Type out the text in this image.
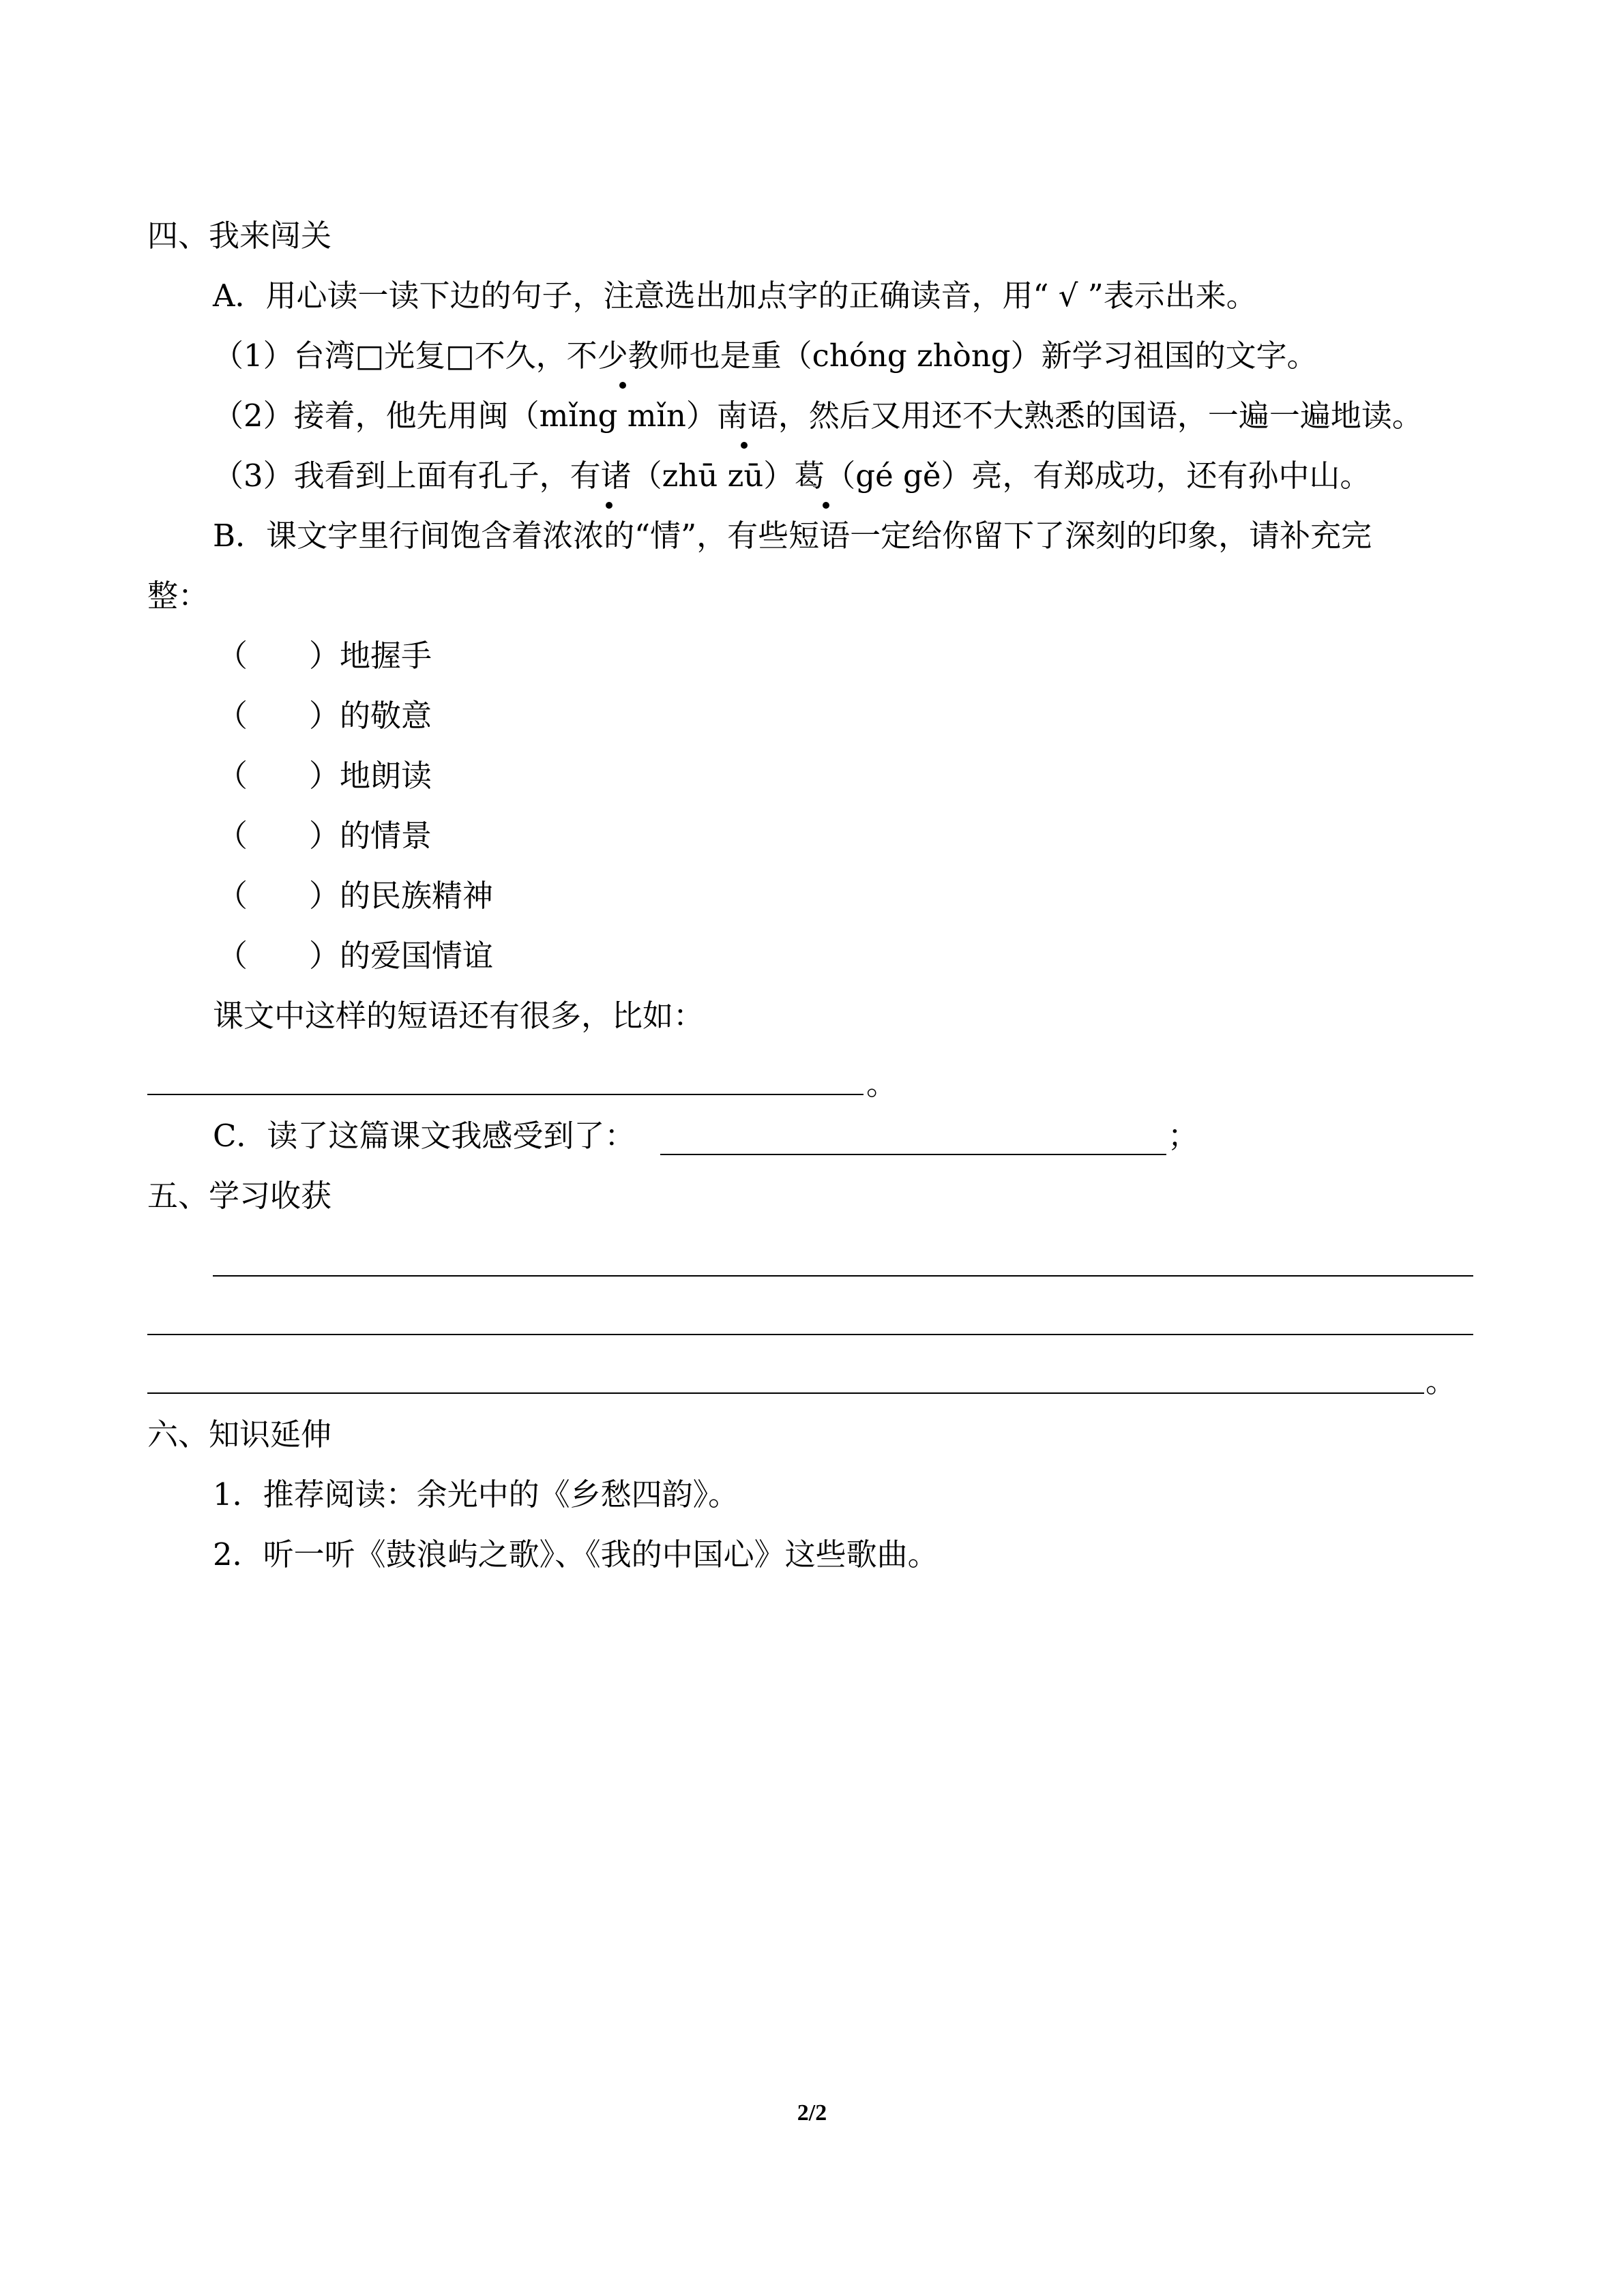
四、我来闯关
A．用心读一读下边的句子，注意选出加点字的正确读音，用“ √ ”表示出来。
（1）台湾□光复□不久，不少教师也是重（chóng zhòng）新学习祖国的文字。
（2）接着，他先用闽（mǐng mǐn）南语，然后又用还不大熟悉的国语，一遍一遍地读。
（3）我看到上面有孔子，有诸（zhū zū）葛（gé gě）亮，有郑成功，还有孙中山。
B．课文字里行间饱含着浓浓的“情”，有些短语一定给你留下了深刻的印象，请补充完
整：
（　　）地握手
（　　）的敬意
（　　）地朗读
（　　）的情景
（　　）的民族精神
（　　）的爱国情谊
课文中这样的短语还有很多，比如：
。
C．读了这篇课文我感受到了：	；
五、学习收获
。
六、知识延伸
1．推荐阅读：余光中的《乡愁四韵》。
2．听一听《鼓浪屿之歌》、《我的中国心》这些歌曲。
2/2
